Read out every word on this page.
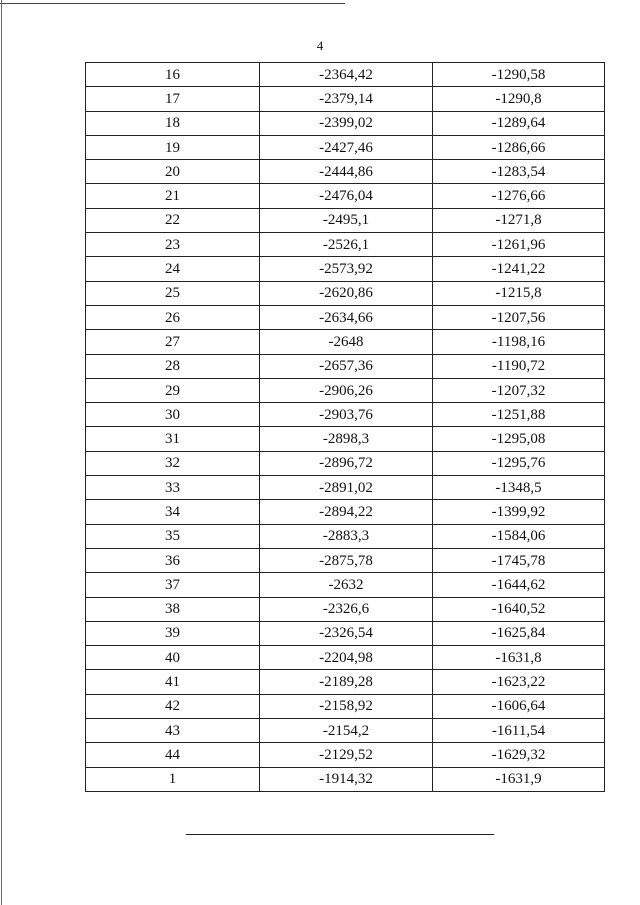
4
16	-2364,42	-1290,58
17	-2379,14	-1290,8
18	-2399,02	-1289,64
19	-2427,46	-1286,66
20	-2444,86	-1283,54
21	-2476,04	-1276,66
22	-2495,1	-1271,8
23	-2526,1	-1261,96
24	-2573,92	-1241,22
25	-2620,86	-1215,8
26	-2634,66	-1207,56
27	-2648	-1198,16
28	-2657,36	-1190,72
29	-2906,26	-1207,32
30	-2903,76	-1251,88
31	-2898,3	-1295,08
32	-2896,72	-1295,76
33	-2891,02	-1348,5
34	-2894,22	-1399,92
35	-2883,3	-1584,06
36	-2875,78	-1745,78
37	-2632	-1644,62
38	-2326,6	-1640,52
39	-2326,54	-1625,84
40	-2204,98	-1631,8
41	-2189,28	-1623,22
42	-2158,92	-1606,64
43	-2154,2	-1611,54
44	-2129,52	-1629,32
1	-1914,32	-1631,9
